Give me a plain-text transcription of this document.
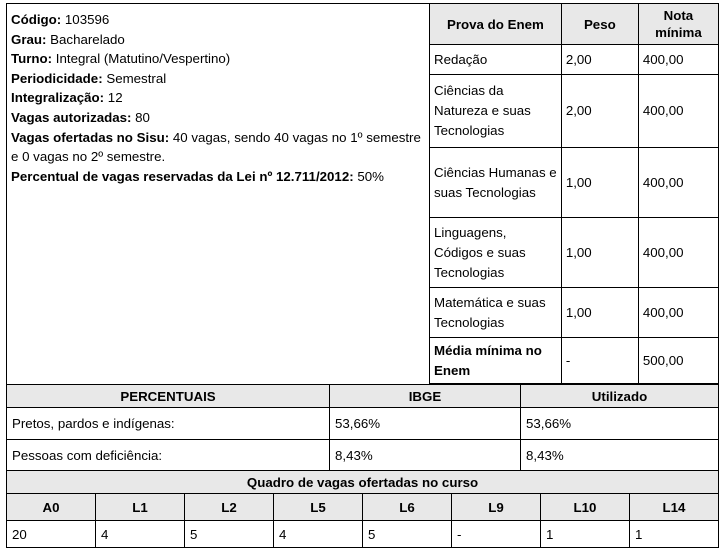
Código: 103596
Grau: Bacharelado
Turno: Integral (Matutino/Vespertino)
Periodicidade: Semestral
Integralização: 12
Vagas autorizadas: 80
Vagas ofertadas no Sisu: 40 vagas, sendo 40 vagas no 1º semestre e 0 vagas no 2º semestre.
Percentual de vagas reservadas da Lei nº 12.711/2012: 50%
Prova do Enem	Peso	Nota mínima
Redação	2,00	400,00
Ciências da Natureza e suas Tecnologias	2,00	400,00
Ciências Humanas e suas Tecnologias	1,00	400,00
Linguagens, Códigos e suas Tecnologias	1,00	400,00
Matemática e suas Tecnologias	1,00	400,00
Média mínima no Enem	-	500,00
PERCENTUAIS	IBGE	Utilizado
Pretos, pardos e indígenas:	53,66%	53,66%
Pessoas com deficiência:	8,43%	8,43%
Quadro de vagas ofertadas no curso							
A0	L1	L2	L5	L6	L9	L10	L14
20	4	5	4	5	-	1	1
